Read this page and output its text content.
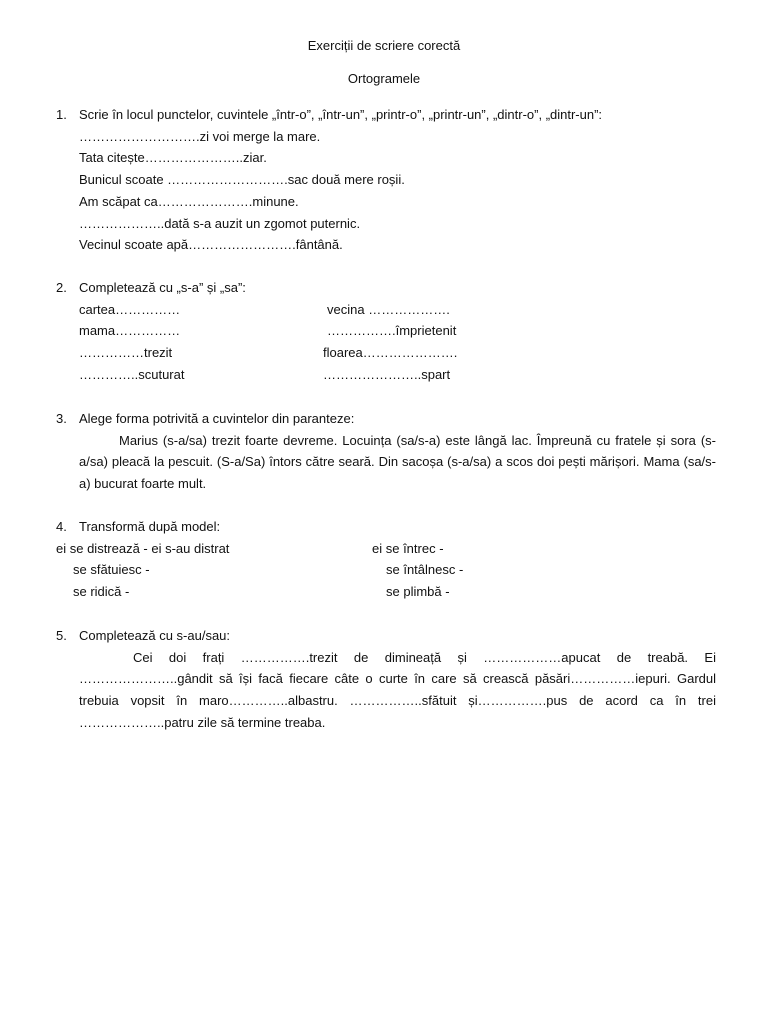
Exerciții de scriere corectă
Ortogramele
1. Scrie în locul punctelor, cuvintele „într-o”, „într-un”, „printr-o”, „printr-un”, „dintr-o”, „dintr-un”:
……………………….zi voi merge la mare.
Tata citește…………………..ziar.
Bunicul scoate ……………………….sac două mere roșii.
Am scăpat ca………………….minune.
………………..dată s-a auzit un zgomot puternic.
Vecinul scoate apă…………………….fântână.
2. Completează cu „s-a” și „sa”:
cartea……………	vecina ……………….
mama……………	…………….împrietenit
……………trezit	floarea………………….
…………..scuturat	…………………..spart
3. Alege forma potrivită a cuvintelor din paranteze:
Marius (s-a/sa) trezit foarte devreme. Locuința (sa/s-a) este lângă lac. Împreună cu fratele și sora (s-a/sa) pleacă la pescuit. (S-a/Sa) întors către seară. Din sacoșa (s-a/sa) a scos doi pești mărișori. Mama (sa/s-a) bucurat foarte mult.
4. Transformă după model:
ei se distrează - ei s-au distrat	ei se întrec -
se sfătuiesc -	se întâlnesc -
se ridică -	se plimbă -
5. Completează cu s-au/sau:
Cei doi frați …………….trezit de dimineață și ………………apucat de treabă. Ei …………………..gândit să își facă fiecare câte o curte în care să crească păsări……………iepuri. Gardul trebuia vopsit în maro…………..albastru. ……………..sfătuit și…………….pus de acord ca în trei ………………..patru zile să termine treaba.
